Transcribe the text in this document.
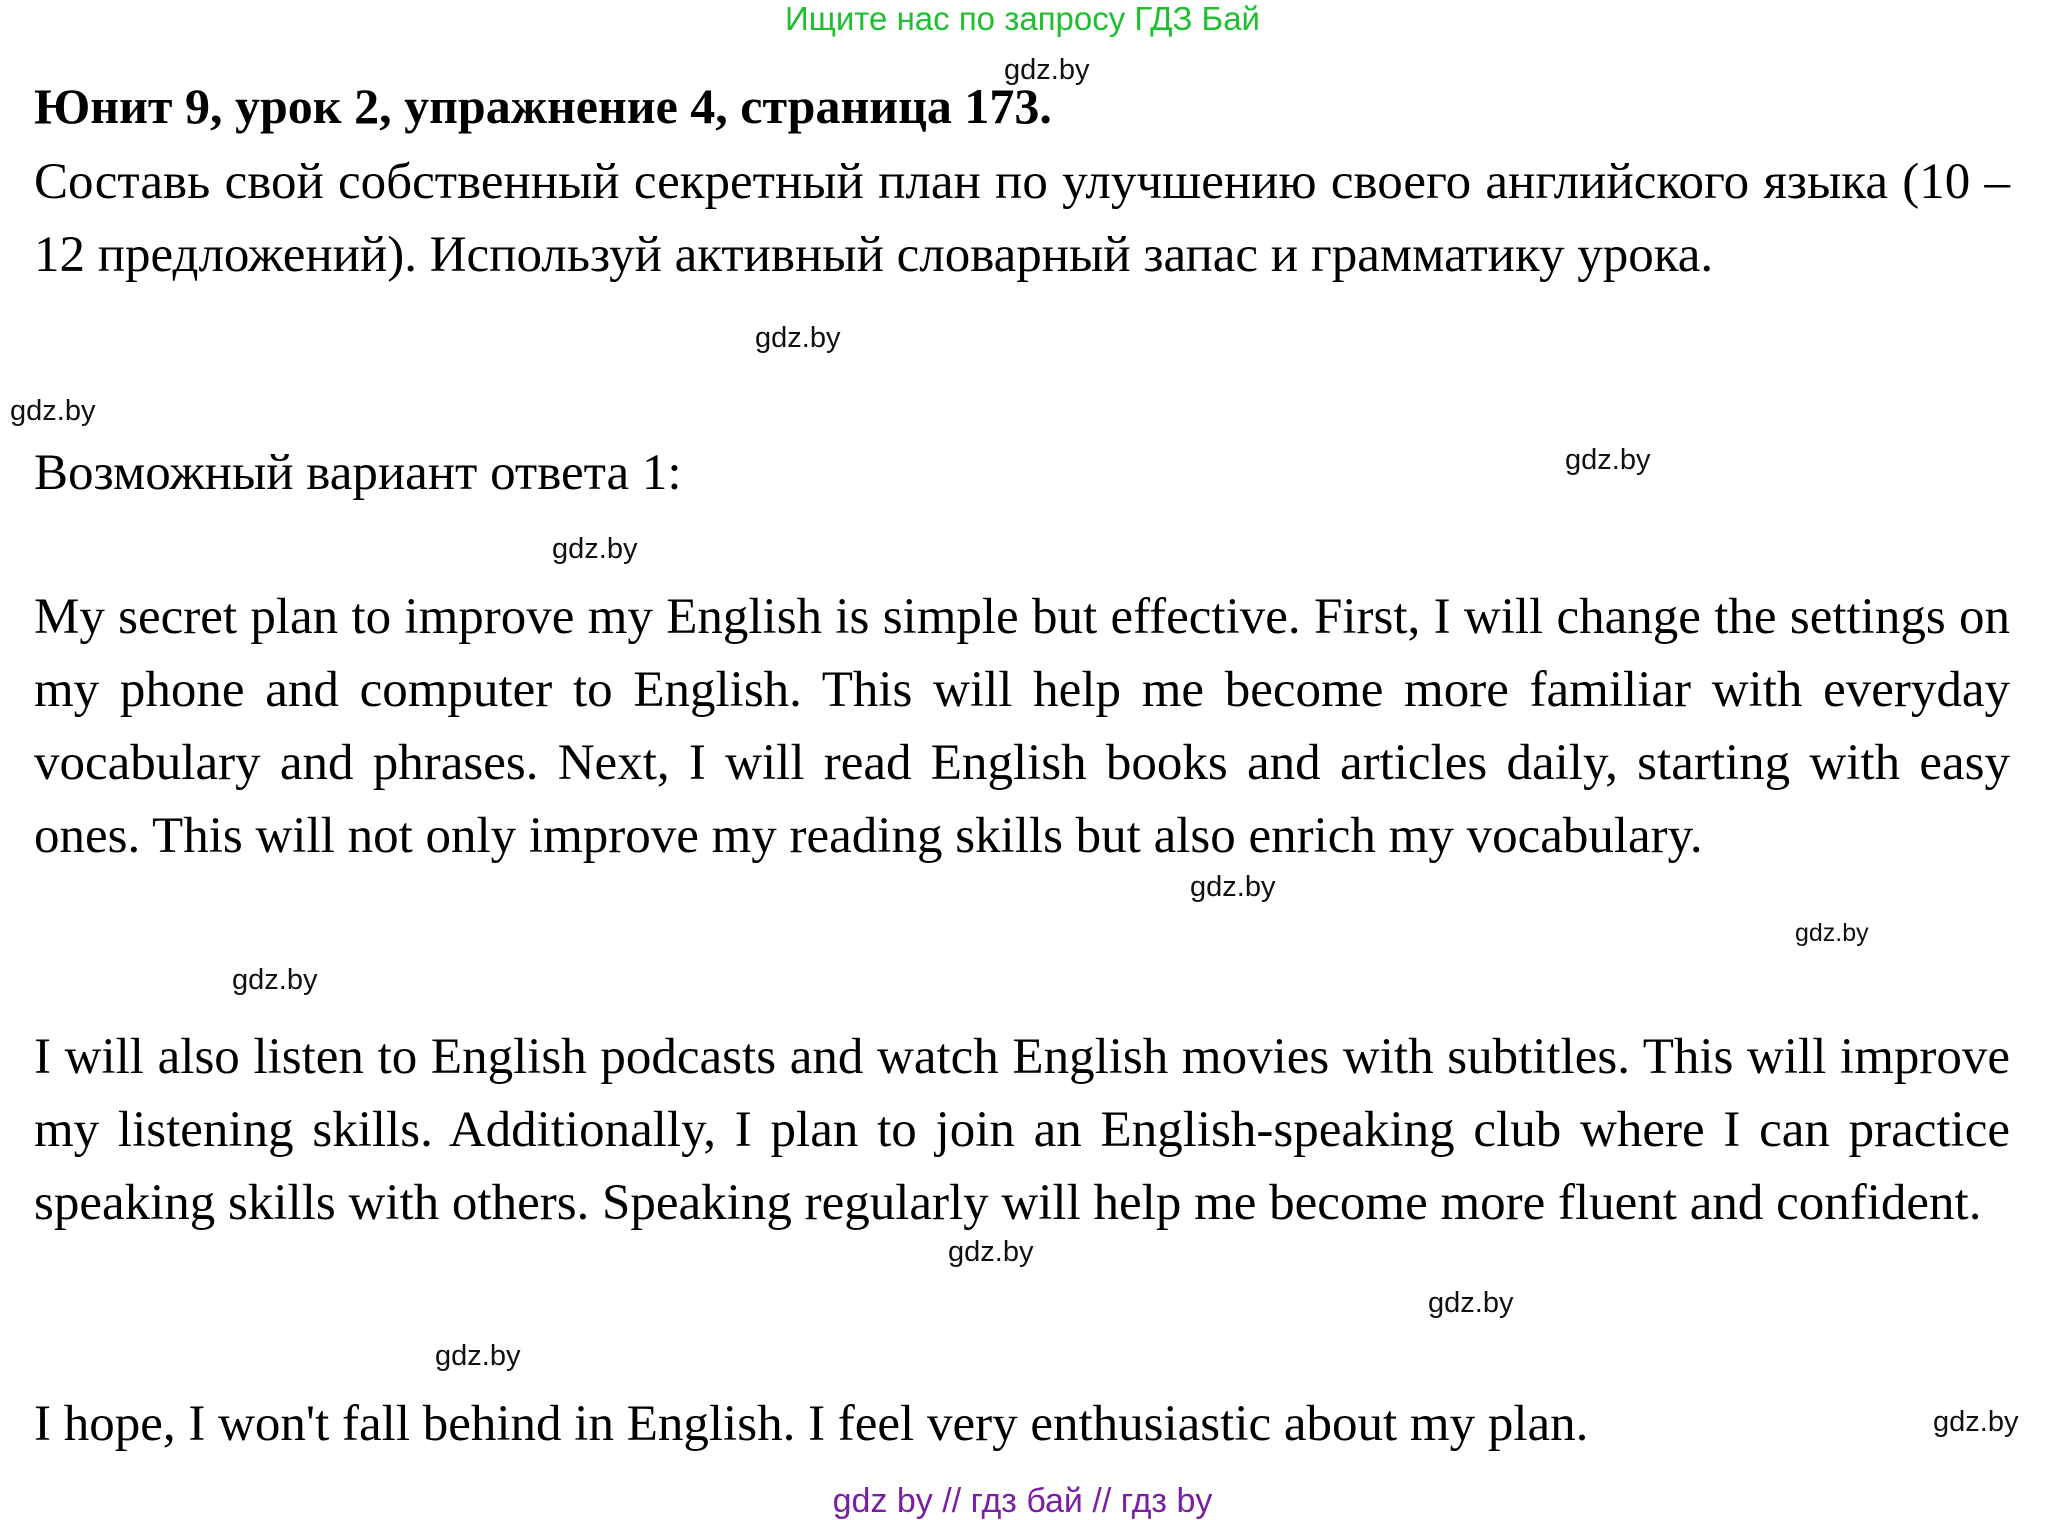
Ищите нас по запросу ГДЗ Бай
Юнит 9, урок 2, упражнение 4, страница 173.

Составь свой собственный секретный план по улучшению своего английского языка (10 – 12 предложений). Используй активный словарный запас и грамматику урока.

Возможный вариант ответа 1:

My secret plan to improve my English is simple but effective. First, I will change the settings on my phone and computer to English. This will help me become more familiar with everyday vocabulary and phrases. Next, I will read English books and articles daily, starting with easy ones. This will not only improve my reading skills but also enrich my vocabulary.

I will also listen to English podcasts and watch English movies with subtitles. This will improve my listening skills. Additionally, I plan to join an English-speaking club where I can practice speaking skills with others. Speaking regularly will help me become more fluent and confident.

I hope, I won't fall behind in English. I feel very enthusiastic about my plan.

gdz.by
gdz.by
gdz.by
gdz.by
gdz.by
gdz.by
gdz.by
gdz.by
gdz.by
gdz.by
gdz.by
gdz.by
gdz by // гдз бай // гдз by
